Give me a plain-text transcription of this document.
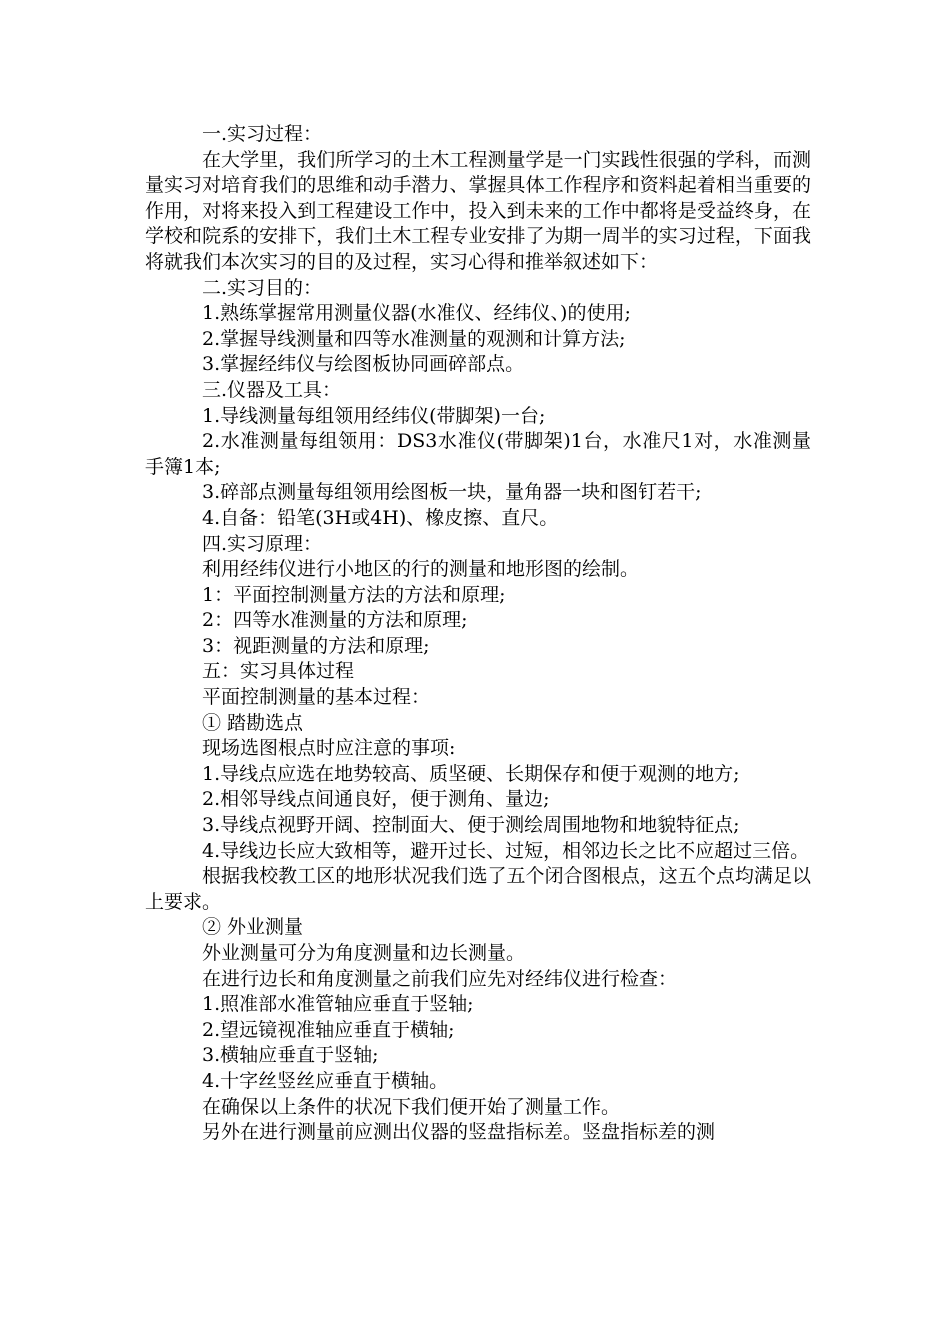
一.实习过程：

在大学里，我们所学习的土木工程测量学是一门实践性很强的学科，而测量实习对培育我们的思维和动手潜力、掌握具体工作程序和资料起着相当重要的作用，对将来投入到工程建设工作中，投入到未来的工作中都将是受益终身，在学校和院系的安排下，我们土木工程专业安排了为期一周半的实习过程，下面我将就我们本次实习的目的及过程，实习心得和推举叙述如下：

二.实习目的：

1.熟练掌握常用测量仪器(水准仪、经纬仪、)的使用;

2.掌握导线测量和四等水准测量的观测和计算方法;

3.掌握经纬仪与绘图板协同画碎部点。

三.仪器及工具：

1.导线测量每组领用经纬仪(带脚架)一台;

2.水准测量每组领用：DS3水准仪(带脚架)1台，水准尺1对，水准测量手簿1本;

3.碎部点测量每组领用绘图板一块，量角器一块和图钉若干;

4.自备：铅笔(3H或4H)、橡皮擦、直尺。

四.实习原理：

利用经纬仪进行小地区的行的测量和地形图的绘制。

1：平面控制测量方法的方法和原理;

2：四等水准测量的方法和原理;

3：视距测量的方法和原理;

五：实习具体过程

平面控制测量的基本过程：

① 踏勘选点

现场选图根点时应注意的事项:

1.导线点应选在地势较高、质坚硬、长期保存和便于观测的地方;

2.相邻导线点间通良好，便于测角、量边;

3.导线点视野开阔、控制面大、便于测绘周围地物和地貌特征点;

4.导线边长应大致相等，避开过长、过短，相邻边长之比不应超过三倍。

根据我校教工区的地形状况我们选了五个闭合图根点，这五个点均满足以上要求。

② 外业测量

外业测量可分为角度测量和边长测量。

在进行边长和角度测量之前我们应先对经纬仪进行检查：

1.照准部水准管轴应垂直于竖轴;

2.望远镜视准轴应垂直于横轴;

3.横轴应垂直于竖轴;

4.十字丝竖丝应垂直于横轴。

在确保以上条件的状况下我们便开始了测量工作。

另外在进行测量前应测出仪器的竖盘指标差。竖盘指标差的测
